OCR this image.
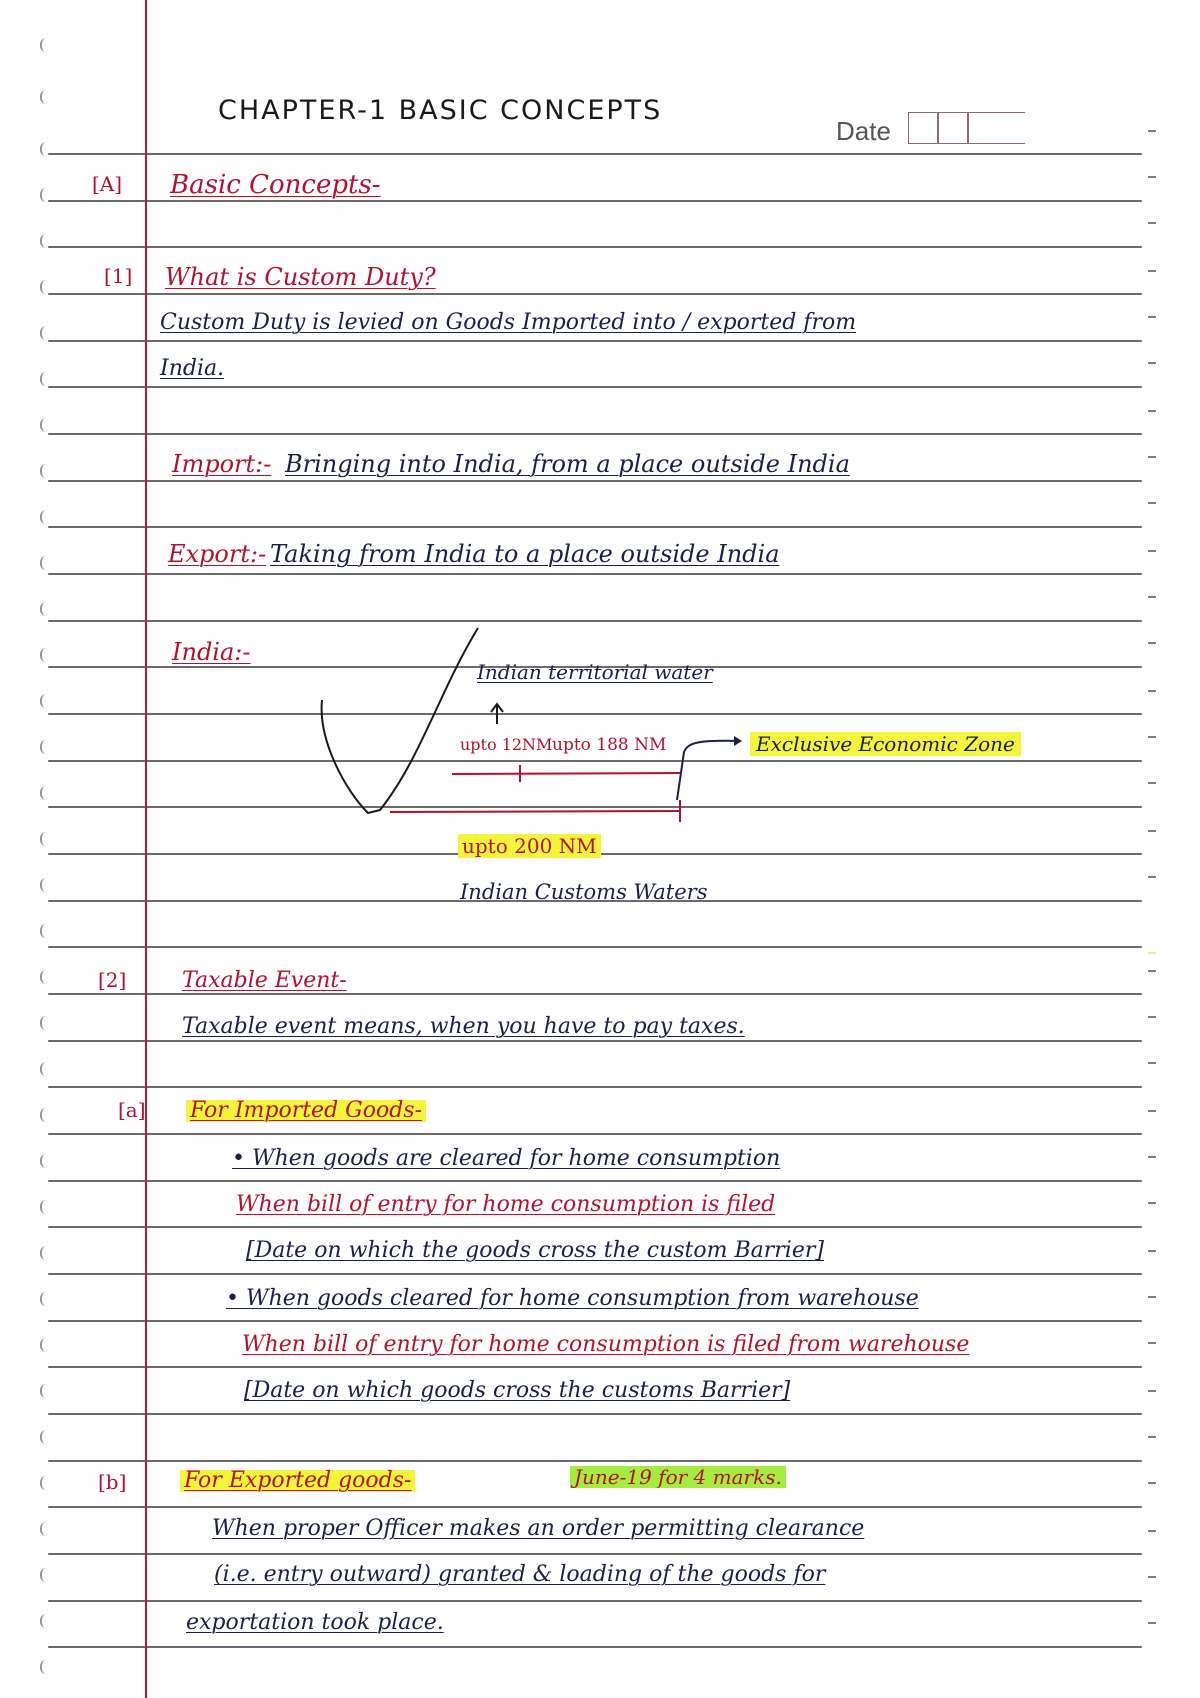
CHAPTER-1 BASIC CONCEPTS
Date
[A] Basic Concepts-
[1] What is Custom Duty?
Custom Duty is levied on Goods Imported into / exported from
India.
Import:- Bringing into India, from a place outside India
Export:- Taking from India to a place outside India
India:-
Indian territorial water
upto 12NM upto 188 NM	Exclusive Economic Zone
upto 200 NM
Indian Customs Waters
[2]	Taxable Event-
Taxable event means, when you have to pay taxes.
[a] For Imported Goods-
• When goods are cleared for home consumption
When bill of entry for home consumption is filed
[Date on which the goods cross the custom Barrier]
• When goods cleared for home consumption from warehouse
When bill of entry for home consumption is filed from warehouse
[Date on which goods cross the customs Barrier]
[b]	For Exported goods-	June-19 for 4 marks.
When proper Officer makes an order permitting clearance
(i.e. entry outward) granted & loading of the goods for
exportation took place.
